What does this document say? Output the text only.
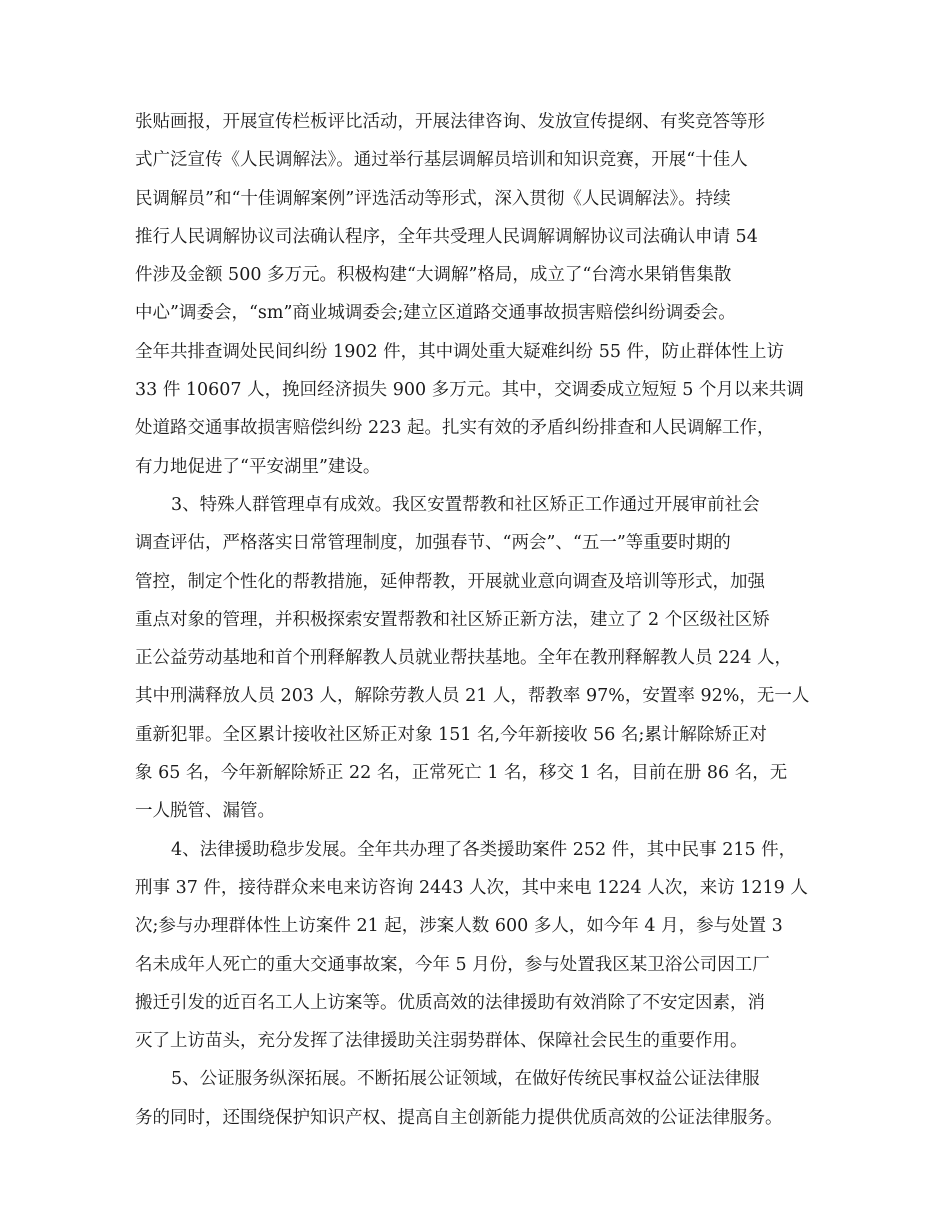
张贴画报，开展宣传栏板评比活动，开展法律咨询、发放宣传提纲、有奖竞答等形
式广泛宣传《人民调解法》。通过举行基层调解员培训和知识竞赛，开展“十佳人
民调解员”和“十佳调解案例”评选活动等形式，深入贯彻《人民调解法》。持续
推行人民调解协议司法确认程序，全年共受理人民调解调解协议司法确认申请 54
件涉及金额 500 多万元。积极构建“大调解”格局，成立了“台湾水果销售集散
中心”调委会，“sm”商业城调委会;建立区道路交通事故损害赔偿纠纷调委会。
全年共排查调处民间纠纷 1902 件，其中调处重大疑难纠纷 55 件，防止群体性上访
33 件 10607 人，挽回经济损失 900 多万元。其中，交调委成立短短 5 个月以来共调
处道路交通事故损害赔偿纠纷 223 起。扎实有效的矛盾纠纷排查和人民调解工作，
有力地促进了“平安湖里”建设。
3、特殊人群管理卓有成效。我区安置帮教和社区矫正工作通过开展审前社会
调查评估，严格落实日常管理制度，加强春节、“两会”、“五一”等重要时期的
管控，制定个性化的帮教措施，延伸帮教，开展就业意向调查及培训等形式，加强
重点对象的管理，并积极探索安置帮教和社区矫正新方法，建立了 2 个区级社区矫
正公益劳动基地和首个刑释解教人员就业帮扶基地。全年在教刑释解教人员 224 人，
其中刑满释放人员 203 人，解除劳教人员 21 人，帮教率 97%，安置率 92%，无一人
重新犯罪。全区累计接收社区矫正对象 151 名,今年新接收 56 名;累计解除矫正对
象 65 名，今年新解除矫正 22 名，正常死亡 1 名，移交 1 名，目前在册 86 名，无
一人脱管、漏管。
4、法律援助稳步发展。全年共办理了各类援助案件 252 件，其中民事 215 件，
刑事 37 件，接待群众来电来访咨询 2443 人次，其中来电 1224 人次，来访 1219 人
次;参与办理群体性上访案件 21 起，涉案人数 600 多人，如今年 4 月，参与处置 3
名未成年人死亡的重大交通事故案，今年 5 月份，参与处置我区某卫浴公司因工厂
搬迁引发的近百名工人上访案等。优质高效的法律援助有效消除了不安定因素，消
灭了上访苗头，充分发挥了法律援助关注弱势群体、保障社会民生的重要作用。
5、公证服务纵深拓展。不断拓展公证领域，在做好传统民事权益公证法律服
务的同时，还围绕保护知识产权、提高自主创新能力提供优质高效的公证法律服务。
